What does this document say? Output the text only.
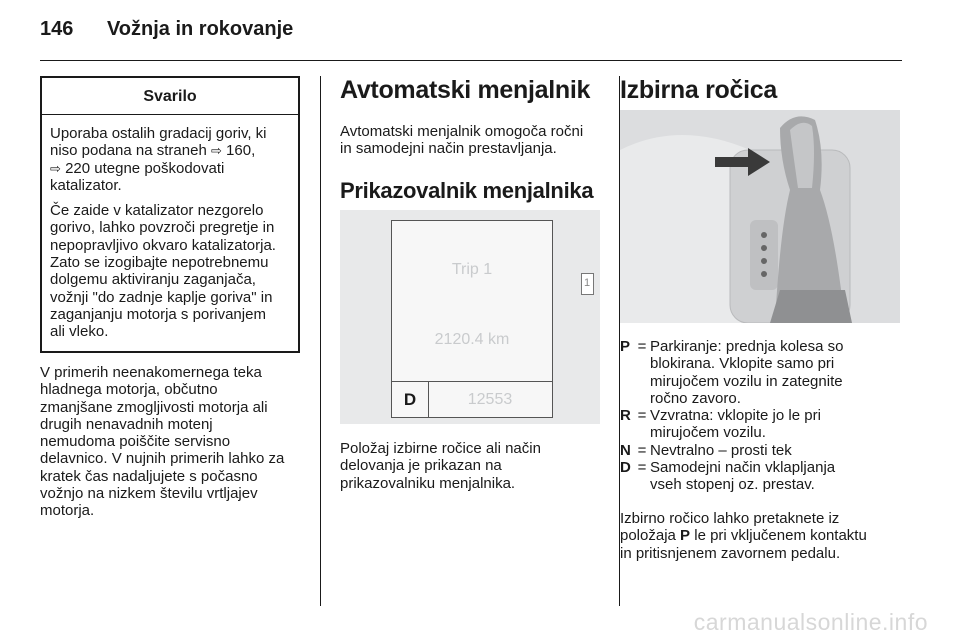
146 Vožnja in rokovanje
Svarilo

Uporaba ostalih gradacij goriv, ki
niso podana na straneh ⇨ 160,
⇨ 220 utegne poškodovati
katalizator.

Če zaide v katalizator nezgorelo
gorivo, lahko povzroči pregretje in
nepopravljivo okvaro katalizatorja.
Zato se izogibajte nepotrebnemu
dolgemu aktiviranju zaganjača,
vožnji "do zadnje kaplje goriva" in
zaganjanju motorja s porivanjem
ali vleko.

V primerih neenakomernega teka
hladnega motorja, občutno
zmanjšane zmogljivosti motorja ali
drugih nenavadnih motenj
nemudoma poiščite servisno
delavnico. V nujnih primerih lahko za
kratek čas nadaljujete s počasno
vožnjo na nizkem številu vrtljajev
motorja.
Avtomatski menjalnik
Avtomatski menjalnik omogoča ročni
in samodejni način prestavljanja.
Prikazovalnik menjalnika
1
Trip 1
2120.4 km
D	12553
Položaj izbirne ročice ali način
delovanja je prikazan na
prikazovalniku menjalnika.
Izbirna ročica
P = Parkiranje: prednja kolesa so
blokirana. Vklopite samo pri
mirujočem vozilu in zategnite
ročno zavoro.
R = Vzvratna: vklopite jo le pri
mirujočem vozilu.
N = Nevtralno – prosti tek
D = Samodejni način vklapljanja
vseh stopenj oz. prestav.
Izbirno ročico lahko pretaknete iz
položaja P le pri vključenem kontaktu
in pritisnjenem zavornem pedalu.
carmanualsonline.info
